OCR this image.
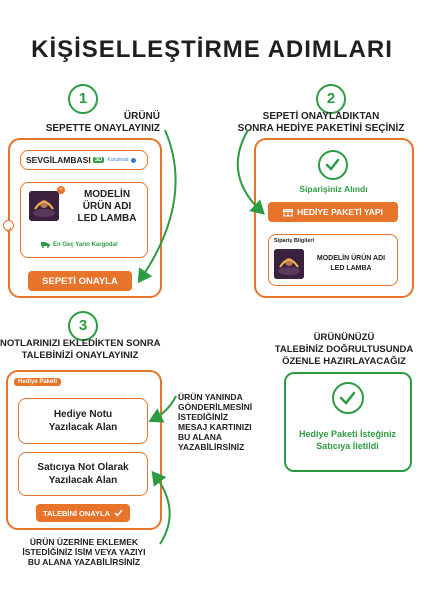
KİŞİSELLEŞTİRME ADIMLARI
1
ÜRÜNÜ
SEPETTE ONAYLAYINIZ
SEVGİLAMBASI 3D	Kurumsal
+	MODELİN
ÜRÜN ADI
LED LAMBA
En Geç Yarın Kargoda!
SEPETİ ONAYLA
2
SEPETİ ONAYLADIKTAN
SONRA HEDİYE PAKETİNİ SEÇİNİZ
Siparişiniz Alındı
HEDİYE PAKETİ YAPI
Sipariş Bilgileri
MODELİN ÜRÜN ADI
LED LAMBA
3
NOTLARINIZI EKLEDİKTEN SONRA
TALEBİNİZİ ONAYLAYINIZ
Hediye Paketi
Hediye Notu
Yazılacak Alan
Satıcıya Not Olarak
Yazılacak Alan
TALEBİNİ ONAYLA
ÜRÜN YANINDA
GÖNDERİLMESİNİ
İSTEDİĞİNİZ
MESAJ KARTINIZI
BU ALANA
YAZABİLİRSİNİZ
ÜRÜN ÜZERİNE EKLEMEK
İSTEDİĞİNİZ İSİM VEYA YAZIYI
BU ALANA YAZABİLİRSİNİZ
ÜRÜNÜNÜZÜ
TALEBİNİZ DOĞRULTUSUNDA
ÖZENLE HAZIRLAYACAĞIZ
Hediye Paketi İsteğiniz
Satıcıya İletildi
